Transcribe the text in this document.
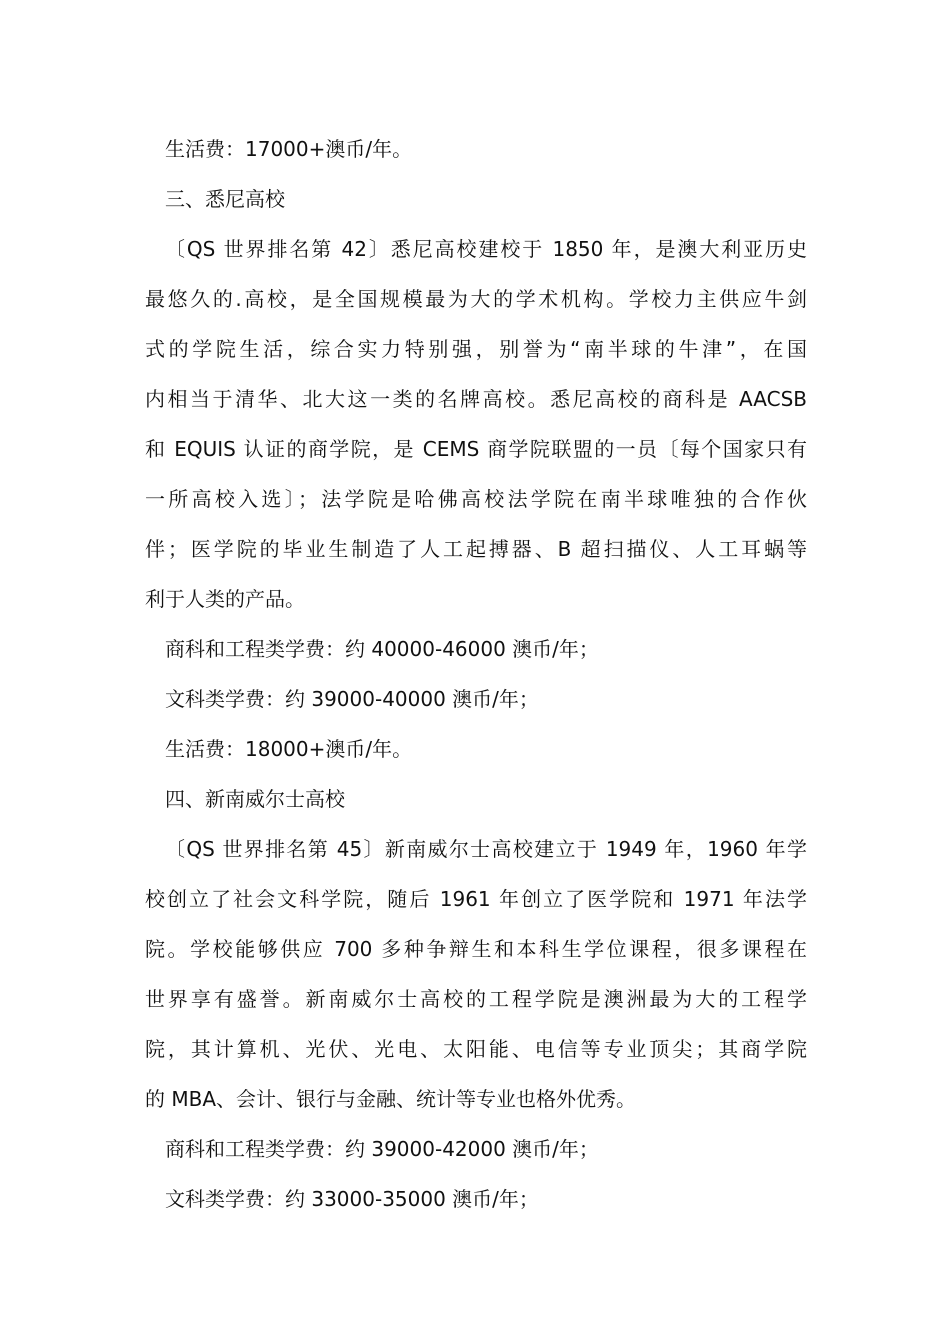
生活费：17000+澳币/年。
三、悉尼高校
〔QS 世界排名第 42〕悉尼高校建校于 1850 年，是澳大利亚历史
最悠久的.高校，是全国规模最为大的学术机构。学校力主供应牛剑
式的学院生活，综合实力特别强，别誉为“南半球的牛津”，在国
内相当于清华、北大这一类的名牌高校。悉尼高校的商科是 AACSB
和 EQUIS 认证的商学院，是 CEMS 商学院联盟的一员〔每个国家只有
一所高校入选〕；法学院是哈佛高校法学院在南半球唯独的合作伙
伴；医学院的毕业生制造了人工起搏器、B 超扫描仪、人工耳蜗等
利于人类的产品。
商科和工程类学费：约 40000-46000 澳币/年；
文科类学费：约 39000-40000 澳币/年；
生活费：18000+澳币/年。
四、新南威尔士高校
〔QS 世界排名第 45〕新南威尔士高校建立于 1949 年，1960 年学
校创立了社会文科学院，随后 1961 年创立了医学院和 1971 年法学
院。学校能够供应 700 多种争辩生和本科生学位课程，很多课程在
世界享有盛誉。新南威尔士高校的工程学院是澳洲最为大的工程学
院，其计算机、光伏、光电、太阳能、电信等专业顶尖；其商学院
的 MBA、会计、银行与金融、统计等专业也格外优秀。
商科和工程类学费：约 39000-42000 澳币/年；
文科类学费：约 33000-35000 澳币/年；
